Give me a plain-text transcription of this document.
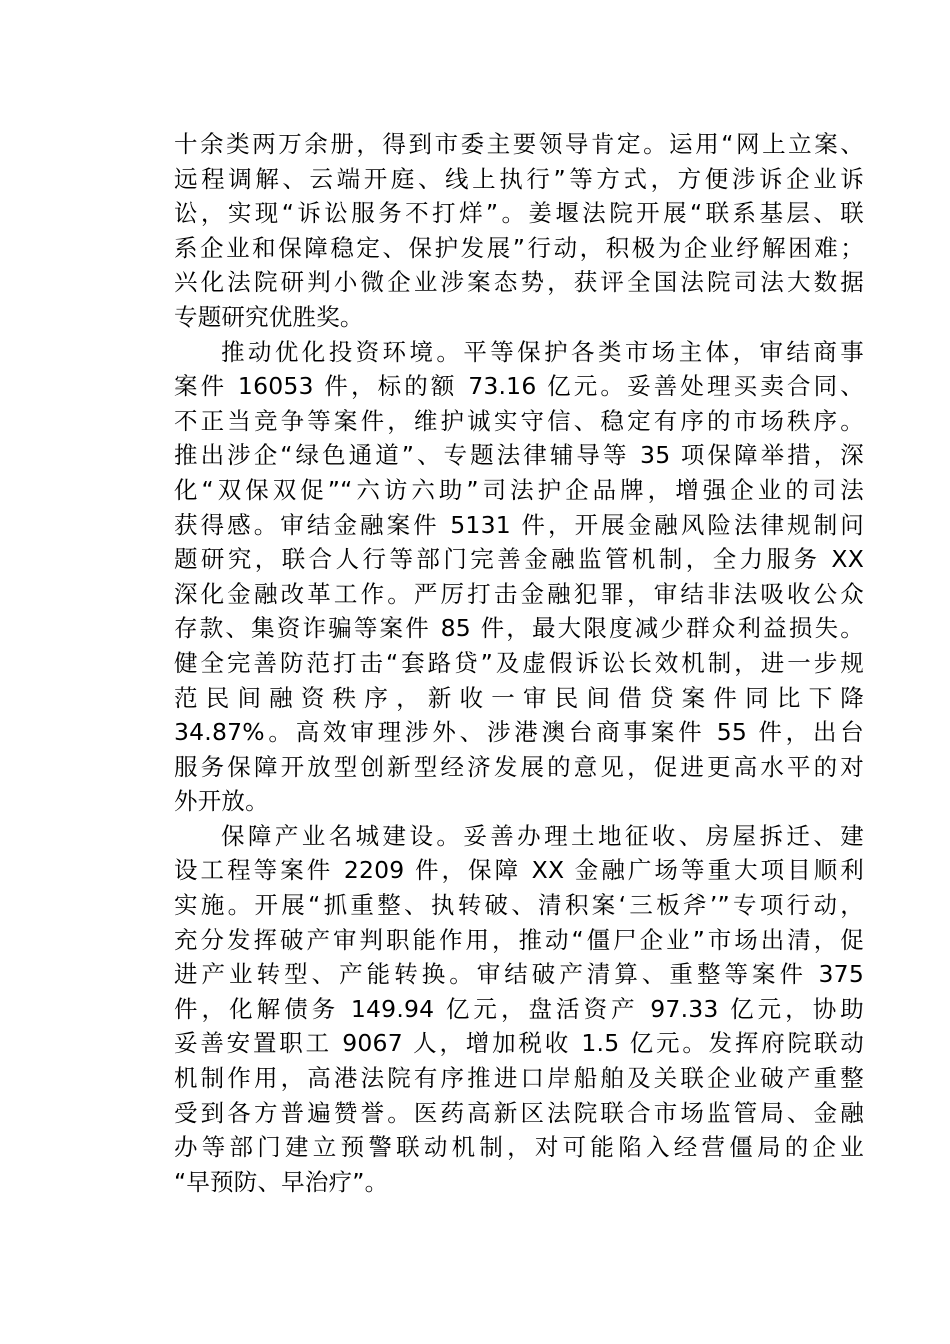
十余类两万余册，得到市委主要领导肯定。运用“网上立案、
远程调解、云端开庭、线上执行”等方式，方便涉诉企业诉
讼，实现“诉讼服务不打烊”。姜堰法院开展“联系基层、联
系企业和保障稳定、保护发展”行动，积极为企业纾解困难；
兴化法院研判小微企业涉案态势，获评全国法院司法大数据
专题研究优胜奖。
推动优化投资环境。平等保护各类市场主体，审结商事
案件 16053 件，标的额 73.16 亿元。妥善处理买卖合同、
不正当竞争等案件，维护诚实守信、稳定有序的市场秩序。
推出涉企“绿色通道”、专题法律辅导等 35 项保障举措，深
化“双保双促”“六访六助”司法护企品牌，增强企业的司法
获得感。审结金融案件 5131 件，开展金融风险法律规制问
题研究，联合人行等部门完善金融监管机制，全力服务 XX
深化金融改革工作。严厉打击金融犯罪，审结非法吸收公众
存款、集资诈骗等案件 85 件，最大限度减少群众利益损失。
健全完善防范打击“套路贷”及虚假诉讼长效机制，进一步规
范民间融资秩序，新收一审民间借贷案件同比下降
34.87%。高效审理涉外、涉港澳台商事案件 55 件，出台
服务保障开放型创新型经济发展的意见，促进更高水平的对
外开放。
保障产业名城建设。妥善办理土地征收、房屋拆迁、建
设工程等案件 2209 件，保障 XX 金融广场等重大项目顺利
实施。开展“抓重整、执转破、清积案‘三板斧’”专项行动，
充分发挥破产审判职能作用，推动“僵尸企业”市场出清，促
进产业转型、产能转换。审结破产清算、重整等案件 375
件，化解债务 149.94 亿元，盘活资产 97.33 亿元，协助
妥善安置职工 9067 人，增加税收 1.5 亿元。发挥府院联动
机制作用，高港法院有序推进口岸船舶及关联企业破产重整
受到各方普遍赞誉。医药高新区法院联合市场监管局、金融
办等部门建立预警联动机制，对可能陷入经营僵局的企业
“早预防、早治疗”。
